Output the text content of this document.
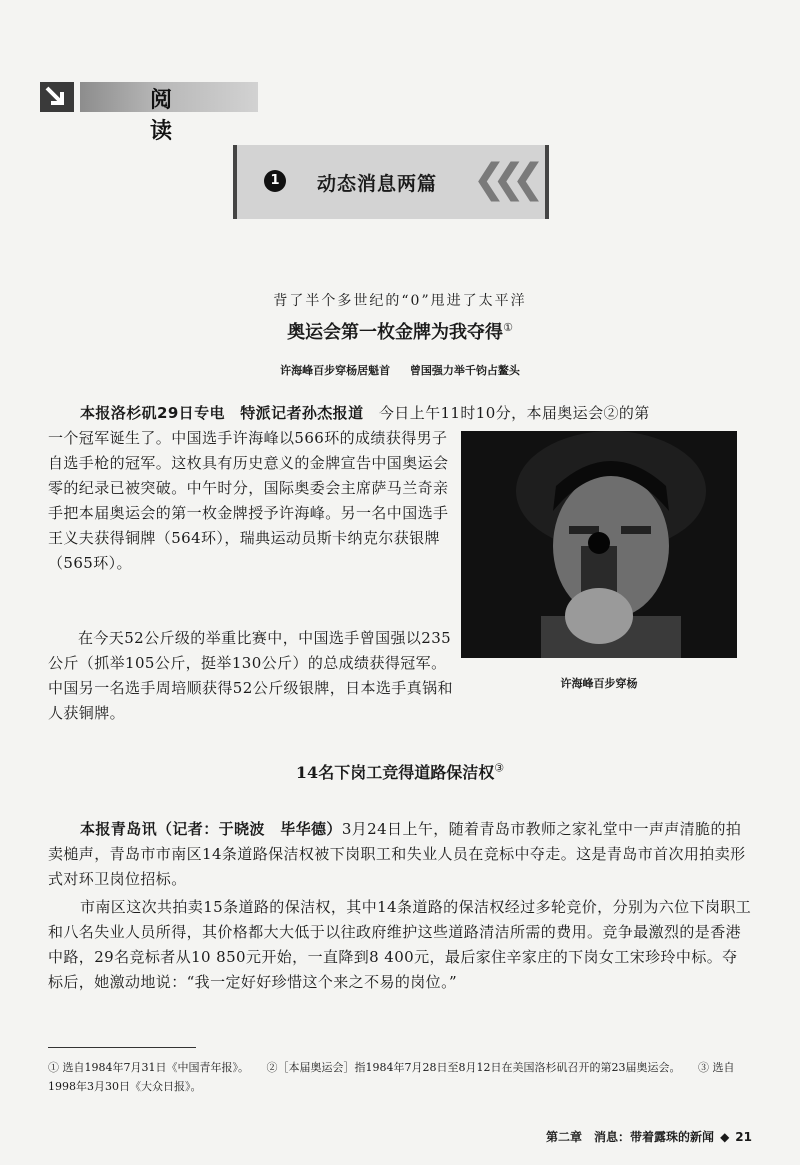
阅读
1	动态消息两篇 ❮❮❮
背了半个多世纪的“0”甩进了太平洋
奥运会第一枚金牌为我夺得①
许海峰百步穿杨居魁首 曾国强力举千钧占鳌头
本报洛杉矶29日专电　特派记者孙杰报道　 今日上午11时10分，本届奥运会②的第
一个冠军诞生了。中国选手许海峰以566环的成绩获得男子自选手枪的冠军。这枚具有历史意义的金牌宣告中国奥运会零的纪录已被突破。中午时分，国际奥委会主席萨马兰奇亲手把本届奥运会的第一枚金牌授予许海峰。另一名中国选手王义夫获得铜牌（564环），瑞典运动员斯卡纳克尔获银牌（565环）。
在今天52公斤级的举重比赛中，中国选手曾国强以235公斤（抓举105公斤，挺举130公斤）的总成绩获得冠军。中国另一名选手周培顺获得52公斤级银牌，日本选手真锅和人获铜牌。
许海峰百步穿杨
14名下岗工竞得道路保洁权③
本报青岛讯（记者：于晓波　毕华德）3月24日上午，随着青岛市教师之家礼堂中一声声清脆的拍卖槌声，青岛市市南区14条道路保洁权被下岗职工和失业人员在竞标中夺走。这是青岛市首次用拍卖形式对环卫岗位招标。
市南区这次共拍卖15条道路的保洁权，其中14条道路的保洁权经过多轮竞价，分别为六位下岗职工和八名失业人员所得，其价格都大大低于以往政府维护这些道路清洁所需的费用。竞争最激烈的是香港中路，29名竞标者从10 850元开始，一直降到8 400元，最后家住辛家庄的下岗女工宋珍玲中标。夺标后，她激动地说：“我一定好好珍惜这个来之不易的岗位。”
① 选自1984年7月31日《中国青年报》。 ②［本届奥运会］指1984年7月28日至8月12日在美国洛杉矶召开的第23届奥运会。 ③ 选自1998年3月30日《大众日报》。
第二章　消息：带着露珠的新闻 ◆ 21
